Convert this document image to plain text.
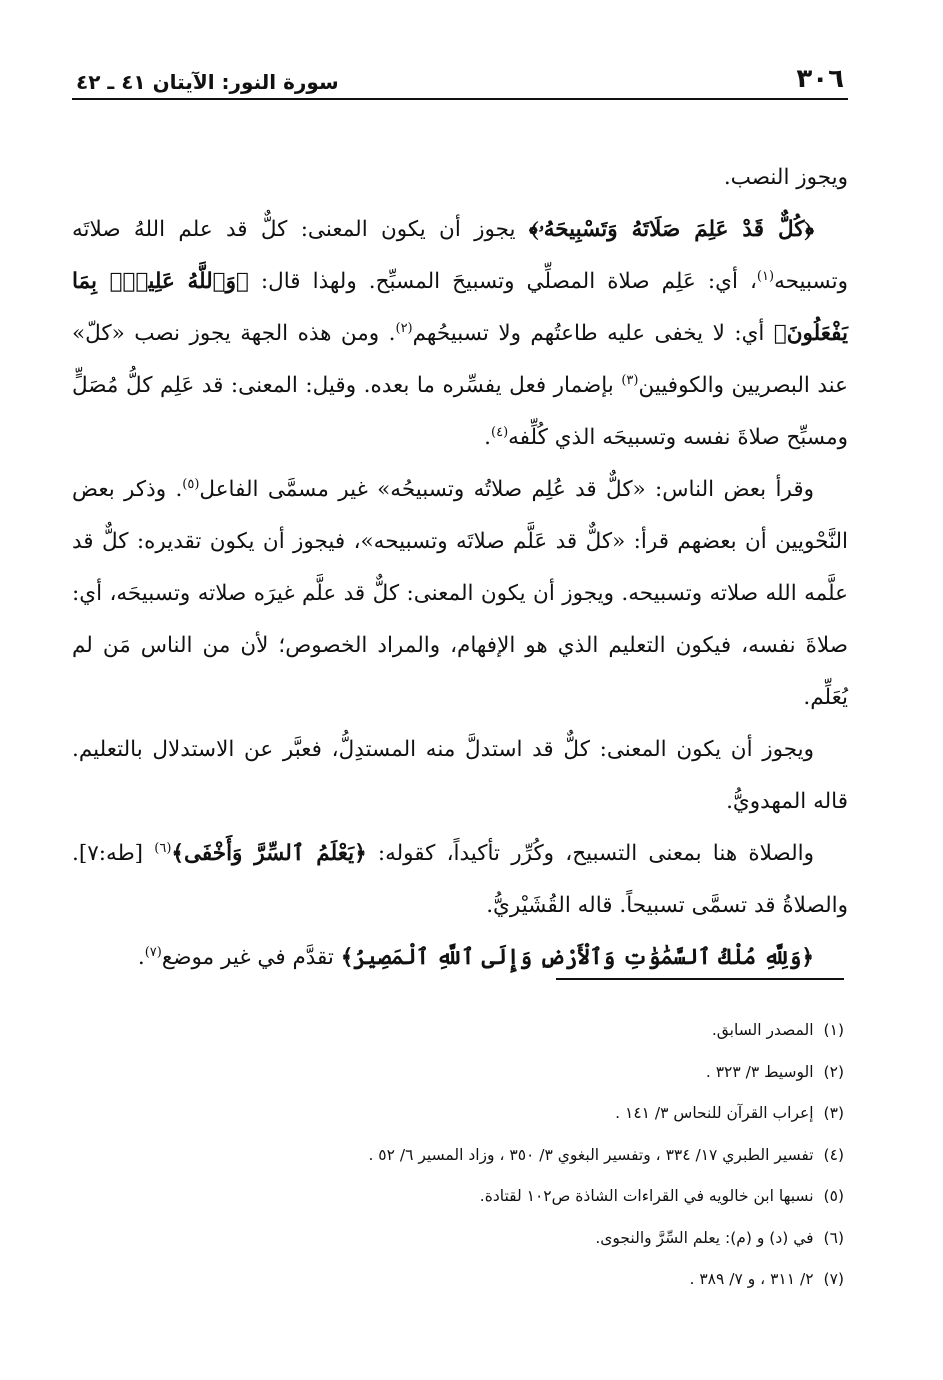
٣٠٦
سورة النور: الآيتان ٤١ ـ ٤٢

ويجوز النصب.

﴿كُلٌّ قَدْ عَلِمَ صَلَاتَهُ وَتَسْبِيحَهُۥ﴾ يجوز أن يكون المعنى: كلٌّ قد علم اللهُ صلاتَه وتسبيحه$^{(١)}$، أي: عَلِم صلاة المصلِّي وتسبيحَ المسبِّح. ولهذا قال: ﴿وَٱللَّهُ عَلِيمُۢ بِمَا يَفْعَلُونَ﴾ أي: لا يخفى عليه طاعتُهم ولا تسبيحُهم$^{(٢)}$. ومن هذه الجهة يجوز نصب «كلّ» عند البصريين والكوفيين$^{(٣)}$ بإضمار فعل يفسِّره ما بعده. وقيل: المعنى: قد عَلِم كلُّ مُصَلٍّ ومسبِّح صلاةَ نفسه وتسبيحَه الذي كُلِّفه$^{(٤)}$.

وقرأ بعض الناس: «كلٌّ قد عُلِم صلاتُه وتسبيحُه» غير مسمَّى الفاعل$^{(٥)}$. وذكر بعض النَّحْويين أن بعضهم قرأ: «كلٌّ قد عَلَّم صلاتَه وتسبيحه»، فيجوز أن يكون تقديره: كلٌّ قد علَّمه الله صلاته وتسبيحه. ويجوز أن يكون المعنى: كلٌّ قد علَّم غيرَه صلاته وتسبيحَه، أي: صلاةَ نفسه، فيكون التعليم الذي هو الإفهام، والمراد الخصوص؛ لأن من الناس مَن لم يُعَلِّم.

ويجوز أن يكون المعنى: كلٌّ قد استدلَّ منه المستدِلُّ، فعبَّر عن الاستدلال بالتعليم. قاله المهدويُّ.

والصلاة هنا بمعنى التسبيح، وكُرِّر تأكيداً، كقوله: ﴿يَعْلَمُ ٱلسِّرَّ وَأَخْفَى﴾$^{(٦)}$ [طه:٧]. والصلاةُ قد تسمَّى تسبيحاً. قاله القُشَيْريُّ.

﴿وَلِلَّهِ مُلْكُ ٱلسَّمَٰوَٰتِ وَٱلْأَرْضِ وَإِلَى ٱللَّهِ ٱلْمَصِيرُ﴾ تقدَّم في غير موضع$^{(٧)}$.

(١)المصدر السابق.
(٢)الوسيط ٣/ ٣٢٣ .
(٣)إعراب القرآن للنحاس ٣/ ١٤١ .
(٤)تفسير الطبري ١٧/ ٣٣٤ ، وتفسير البغوي ٣/ ٣٥٠ ، وزاد المسير ٦/ ٥٢ .
(٥)نسبها ابن خالويه في القراءات الشاذة ص١٠٢ لقتادة.
(٦)في (د) و (م): يعلم السِّرَّ والنجوى.
(٧)٢/ ٣١١ ، و ٧/ ٣٨٩ .
